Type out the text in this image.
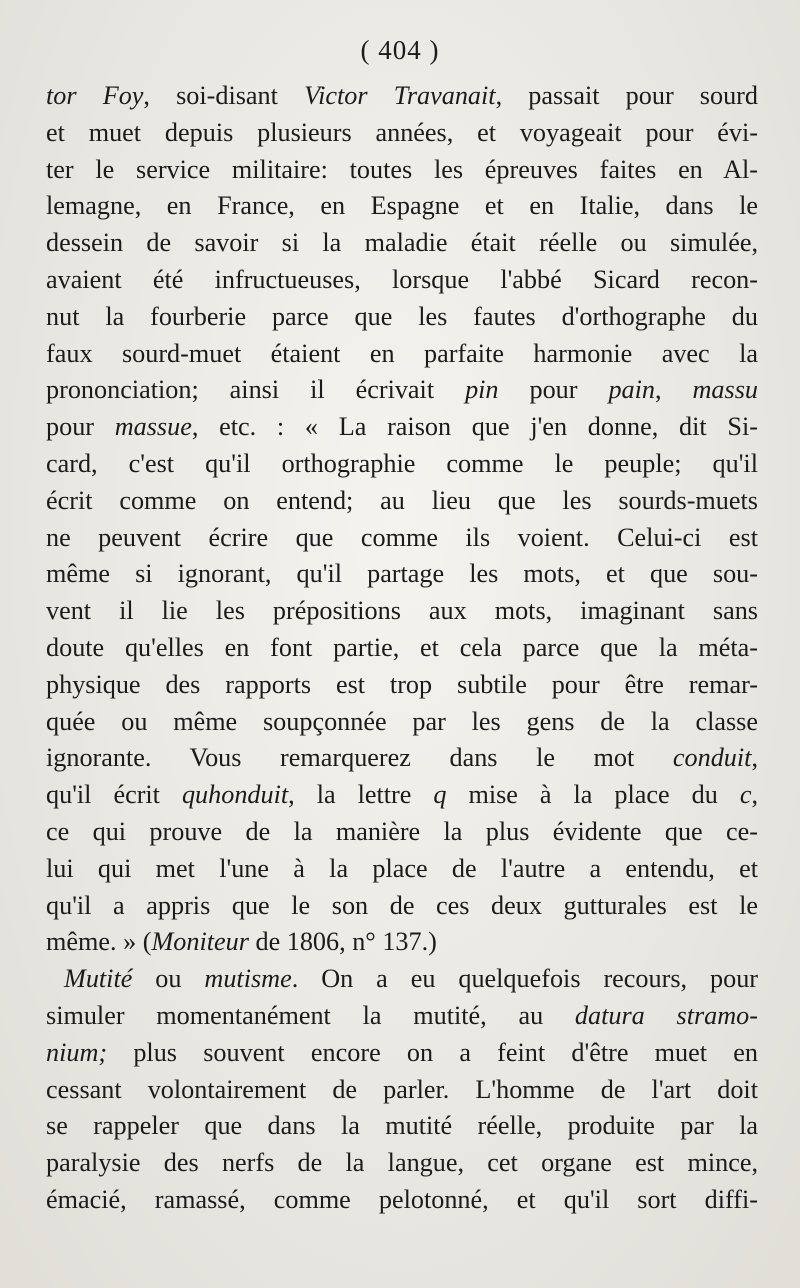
( 404 )
tor Foy, soi-disant Victor Travanait, passait pour sourd
et muet depuis plusieurs années, et voyageait pour évi-
ter le service militaire: toutes les épreuves faites en Al-
lemagne, en France, en Espagne et en Italie, dans le
dessein de savoir si la maladie était réelle ou simulée,
avaient été infructueuses, lorsque l'abbé Sicard recon-
nut la fourberie parce que les fautes d'orthographe du
faux sourd-muet étaient en parfaite harmonie avec la
prononciation; ainsi il écrivait pin pour pain, massu
pour massue, etc. : « La raison que j'en donne, dit Si-
card, c'est qu'il orthographie comme le peuple; qu'il
écrit comme on entend; au lieu que les sourds-muets
ne peuvent écrire que comme ils voient. Celui-ci est
même si ignorant, qu'il partage les mots, et que sou-
vent il lie les prépositions aux mots, imaginant sans
doute qu'elles en font partie, et cela parce que la méta-
physique des rapports est trop subtile pour être remar-
quée ou même soupçonnée par les gens de la classe
ignorante. Vous remarquerez dans le mot conduit,
qu'il écrit quhonduit, la lettre q mise à la place du c,
ce qui prouve de la manière la plus évidente que ce-
lui qui met l'une à la place de l'autre a entendu, et
qu'il a appris que le son de ces deux gutturales est le
même. » (Moniteur de 1806, n° 137.)
Mutité ou mutisme. On a eu quelquefois recours, pour
simuler momentanément la mutité, au datura stramo-
nium; plus souvent encore on a feint d'être muet en
cessant volontairement de parler. L'homme de l'art doit
se rappeler que dans la mutité réelle, produite par la
paralysie des nerfs de la langue, cet organe est mince,
émacié, ramassé, comme pelotonné, et qu'il sort diffi-
